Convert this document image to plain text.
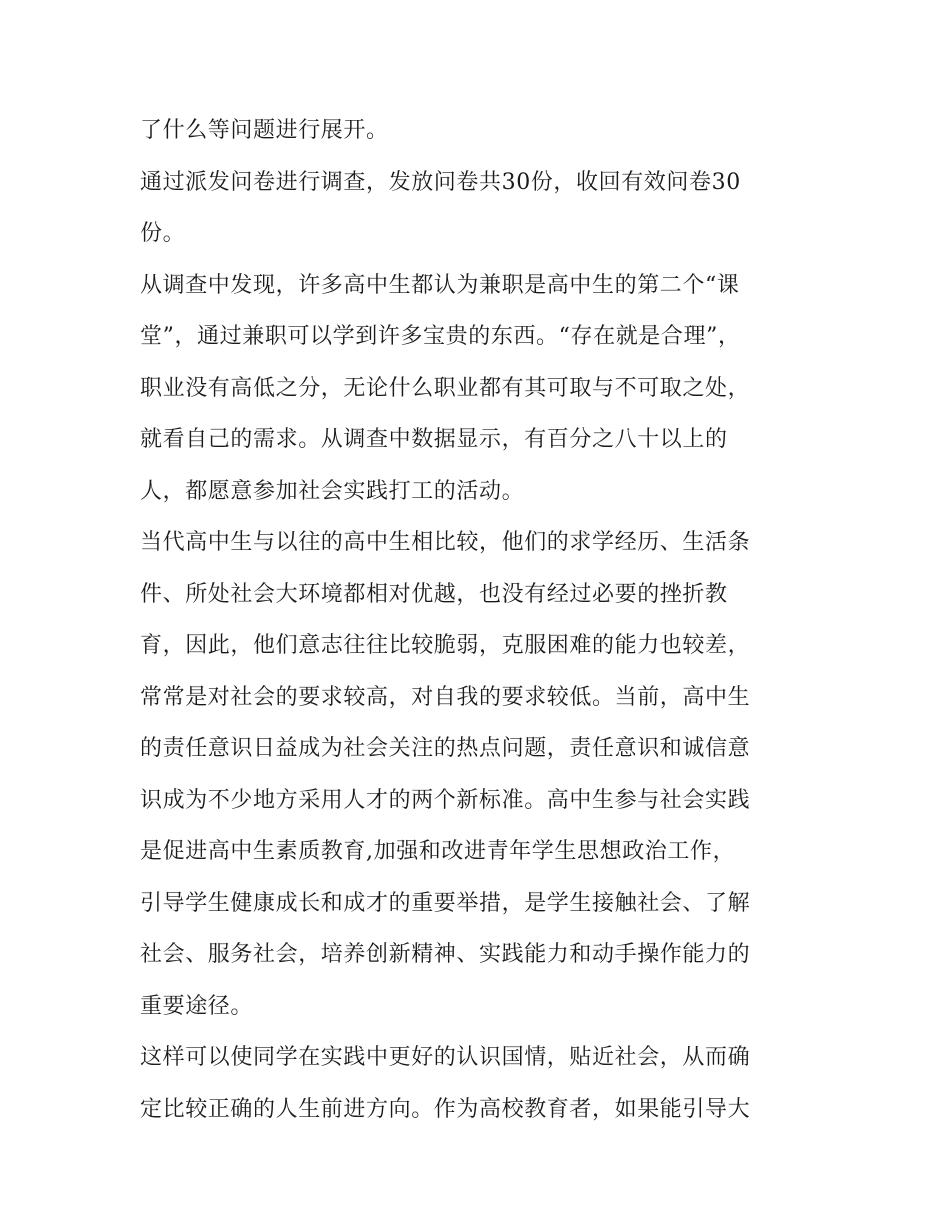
了什么等问题进行展开。
通过派发问卷进行调查，发放问卷共30份，收回有效问卷30
份。
从调查中发现，许多高中生都认为兼职是高中生的第二个“课
堂”，通过兼职可以学到许多宝贵的东西。“存在就是合理”，
职业没有高低之分，无论什么职业都有其可取与不可取之处，
就看自己的需求。从调查中数据显示，有百分之八十以上的
人，都愿意参加社会实践打工的活动。
当代高中生与以往的高中生相比较，他们的求学经历、生活条
件、所处社会大环境都相对优越，也没有经过必要的挫折教
育，因此，他们意志往往比较脆弱，克服困难的能力也较差，
常常是对社会的要求较高，对自我的要求较低。当前，高中生
的责任意识日益成为社会关注的热点问题，责任意识和诚信意
识成为不少地方采用人才的两个新标准。高中生参与社会实践
是促进高中生素质教育,加强和改进青年学生思想政治工作，
引导学生健康成长和成才的重要举措，是学生接触社会、了解
社会、服务社会，培养创新精神、实践能力和动手操作能力的
重要途径。
这样可以使同学在实践中更好的认识国情，贴近社会，从而确
定比较正确的人生前进方向。作为高校教育者，如果能引导大
